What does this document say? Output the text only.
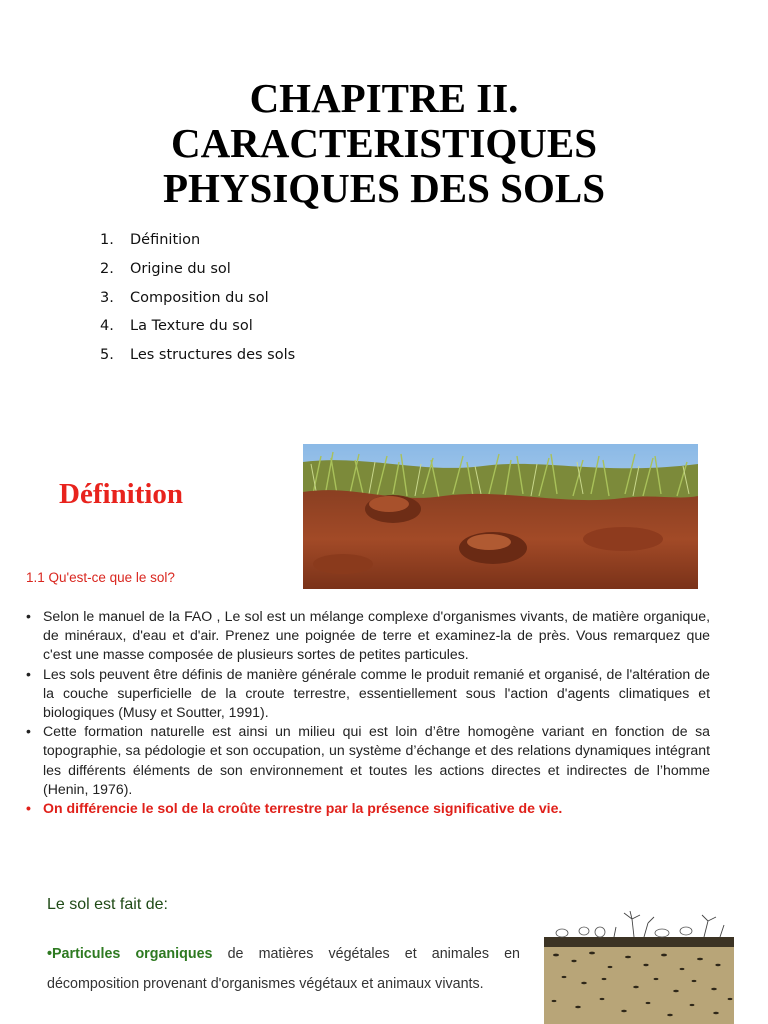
CHAPITRE II.
CARACTERISTIQUES
PHYSIQUES DES SOLS
1. Définition
2. Origine du sol
3. Composition du sol
4. La Texture du sol
5. Les structures des sols
Définition
1.1 Qu'est-ce que le sol?
• Selon le manuel de la FAO , Le sol est un mélange complexe d'organismes vivants, de matière organique, de minéraux, d'eau et d'air. Prenez une poignée de terre et examinez-la de près. Vous remarquez que c'est une masse composée de plusieurs sortes de petites particules.
• Les sols peuvent être définis de manière générale comme le produit remanié et organisé, de l'altération de la couche superficielle de la croute terrestre, essentiellement sous l'action d'agents climatiques et biologiques (Musy et Soutter, 1991).
• Cette formation naturelle est ainsi un milieu qui est loin d’être homogène variant en fonction de sa topographie, sa pédologie et son occupation, un système d’échange et des relations dynamiques intégrant les différents éléments de son environnement et toutes les actions directes et indirectes de l’homme (Henin, 1976).
• On différencie le sol de la croûte terrestre par la présence significative de vie.
Le sol est fait de:
•Particules organiques de matières végétales et animales en décomposition provenant d'organismes végétaux et animaux vivants.
